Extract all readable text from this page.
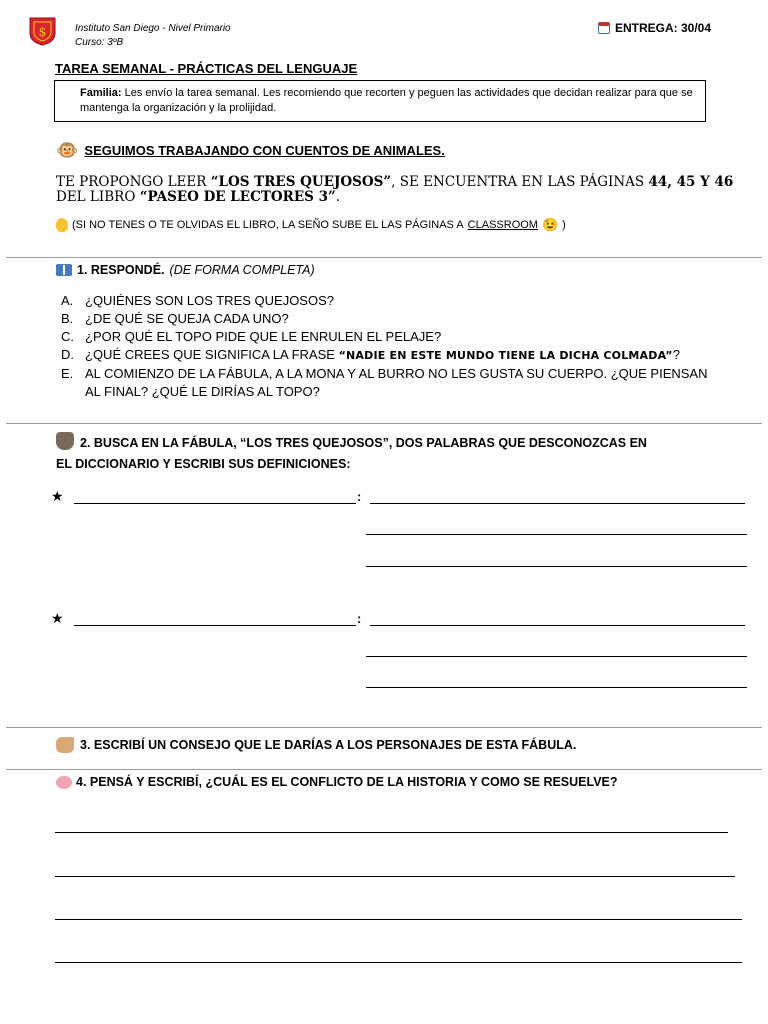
$	Instituto San Diego - Nivel Primario
Curso: 3ºB
ENTREGA: 30/04
TAREA SEMANAL - PRÁCTICAS DEL LENGUAJE
Familia: Les envío la tarea semanal. Les recomiendo que recorten y peguen las actividades que decidan realizar para que se mantenga la organización y la prolijidad.
🐵 SEGUIMOS TRABAJANDO CON CUENTOS DE ANIMALES.
TE PROPONGO LEER “LOS TRES QUEJOSOS”, SE ENCUENTRA EN LAS PÁGINAS 44, 45 Y 46
DEL LIBRO “PASEO DE LECTORES 3”.
(SI NO TENES O TE OLVIDAS EL LIBRO, LA SEÑO SUBE EL LAS PÁGINAS A CLASSROOM 😉 )
1. RESPONDÉ. (DE FORMA COMPLETA)
A. ¿QUIÉNES SON LOS TRES QUEJOSOS?
B. ¿DE QUÉ SE QUEJA CADA UNO?
C. ¿POR QUÉ EL TOPO PIDE QUE LE ENRULEN EL PELAJE?
D. ¿QUÉ CREES QUE SIGNIFICA LA FRASE “NADIE EN ESTE MUNDO TIENE LA DICHA COLMADA”?
E. AL COMIENZO DE LA FÁBULA, A LA MONA Y AL BURRO NO LES GUSTA SU CUERPO. ¿QUE PIENSAN AL FINAL? ¿QUÉ LE DIRÍAS AL TOPO?
2. BUSCA EN LA FÁBULA, “LOS TRES QUEJOSOS”, DOS PALABRAS QUE DESCONOZCAS EN
EL DICCIONARIO Y ESCRIBI SUS DEFINICIONES:
★	:
★	:
3. ESCRIBÍ UN CONSEJO QUE LE DARÍAS A LOS PERSONAJES DE ESTA FÁBULA.
4. PENSÁ Y ESCRIBÍ, ¿CUÁL ES EL CONFLICTO DE LA HISTORIA Y COMO SE RESUELVE?
